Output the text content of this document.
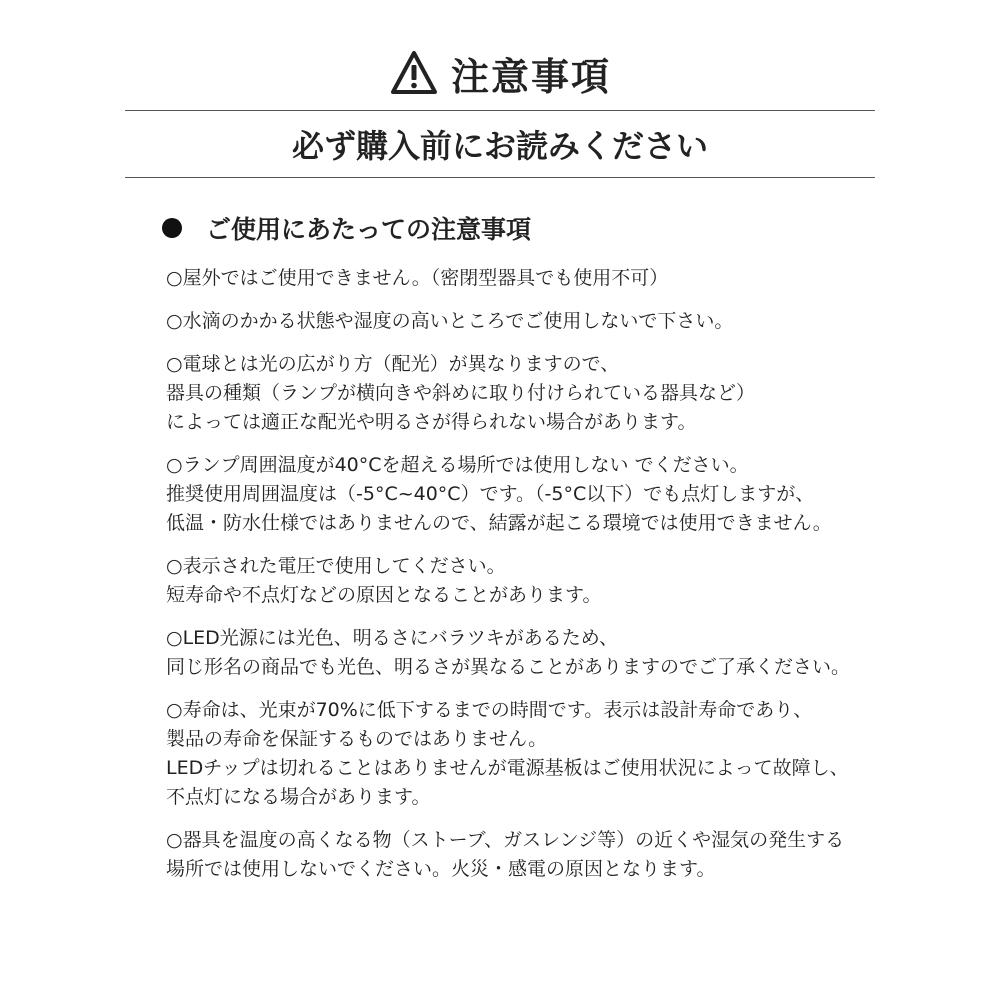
注意事項
必ず購入前にお読みください
ご使用にあたっての注意事項
○屋外ではご使用できません。（密閉型器具でも使用不可）
○水滴のかかる状態や湿度の高いところでご使用しないで下さい。
○電球とは光の広がり方（配光）が異なりますので、
器具の種類（ランプが横向きや斜めに取り付けられている器具など）
によっては適正な配光や明るさが得られない場合があります。
○ランプ周囲温度が40°Cを超える場所では使用しない でください。
推奨使用周囲温度は（-5°C~40°C）です。（-5°C以下）でも点灯しますが、
低温・防水仕様ではありませんので、結露が起こる環境では使用できません。
○表示された電圧で使用してください。
短寿命や不点灯などの原因となることがあります。
○LED光源には光色、明るさにバラツキがあるため、
同じ形名の商品でも光色、明るさが異なることがありますのでご了承ください。
○寿命は、光束が70%に低下するまでの時間です。表示は設計寿命であり、
製品の寿命を保証するものではありません。
LEDチップは切れることはありませんが電源基板はご使用状況によって故障し、
不点灯になる場合があります。
○器具を温度の高くなる物（ストーブ、ガスレンジ等）の近くや湿気の発生する
場所では使用しないでください。火災・感電の原因となります。
